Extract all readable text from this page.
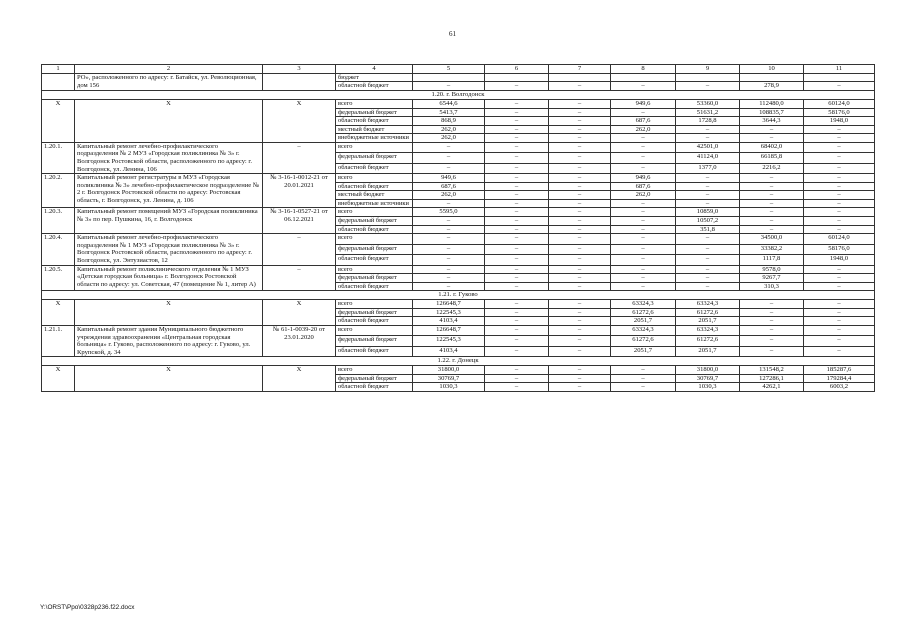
61
1	2	3	4	5	6	7	8	9	10	11
	РО», расположенного по адресу: г. Батайск, ул. Революционная, дом 156		бюджет							
			областной бюджет	–	–	–	–	–	278,9	–
1.20. г. Волгодонск										
Х	Х	Х	всего	6544,6	–	–	949,6	53360,0	112480,0	60124,0
			федеральный бюджет	5413,7	–	–	–	51631,2	108835,7	58176,0
			областной бюджет	868,9	–	–	687,6	1728,8	3644,3	1948,0
			местный бюджет	262,0	–	–	262,0	–	–	–
			внебюджетные источники	262,0	–	–	–	–	–	–
1.20.1.	Капитальный ремонт лечебно-профилактического подразделения № 2 МУЗ «Городская поликлиника № 3» г. Волгодонск Ростовской области, расположенного по адресу: г. Волгодонск, ул. Ленина, 106	–	всего	–	–	–	–	42501,0	68402,0	–
			федеральный бюджет	–	–	–	–	41124,0	66185,8	–
			областной бюджет	–	–	–	–	1377,0	2216,2	–
1.20.2.	Капитальный ремонт регистратуры в МУЗ «Городская поликлиника № 3» лечебно-профилактическое подразделение № 2 г. Волгодонск Ростовской области по адресу: Ростовская область, г. Волгодонск, ул. Ленина, д. 106	№ 3-16-1-0012-21 от 20.01.2021	всего	949,6	–	–	949,6	–	–	–
			областной бюджет	687,6	–	–	687,6	–	–	–
			местный бюджет	262,0	–	–	262,0	–	–	–
			внебюджетные источники	–	–	–	–	–	–	–
1.20.3.	Капитальный ремонт помещений МУЗ «Городская поликлиника № 3» по пер. Пушкина, 16, г. Волгодонск	№ 3-16-1-0527-21 от 06.12.2021	всего	5595,0	–	–	–	10859,0	–	–
			федеральный бюджет	–	–	–	–	10507,2	–	–
			областной бюджет	–	–	–	–	351,8	–	–
1.20.4.	Капитальный ремонт лечебно-профилактического подразделения № 1 МУЗ «Городская поликлиника № 3» г. Волгодонск Ростовской области, расположенного по адресу: г. Волгодонск, ул. Энтузиастов, 12	–	всего	–	–	–	–	–	34500,0	60124,0
			федеральный бюджет	–	–	–	–	–	33382,2	58176,0
			областной бюджет	–	–	–	–	–	1117,8	1948,0
1.20.5.	Капитальный ремонт поликлинического отделения № 1 МУЗ «Детская городская больница» г. Волгодонск Ростовской области по адресу: ул. Советская, 47 (помещение № 1, литер А)	–	всего	–	–	–	–	–	9578,0	–
			федеральный бюджет	–	–	–	–	–	9267,7	–
			областной бюджет	–	–	–	–	–	310,3	–
1.21. г. Гуково										
Х	Х	Х	всего	126648,7	–	–	63324,3	63324,3	–	–
			федеральный бюджет	122545,3	–	–	61272,6	61272,6	–	–
			областной бюджет	4103,4	–	–	2051,7	2051,7	–	–
1.21.1.	Капитальный ремонт здания Муниципального бюджетного учреждения здравоохранения «Центральная городская больница» г. Гуково, расположенного по адресу: г. Гуково, ул. Крупской, д. 34	№ 61-1-0039-20 от 23.01.2020	всего	126648,7	–	–	63324,3	63324,3	–	–
			федеральный бюджет	122545,3	–	–	61272,6	61272,6	–	–
			областной бюджет	4103,4	–	–	2051,7	2051,7	–	–
1.22. г. Донецк										
Х	Х	Х	всего	31800,0	–	–	–	31800,0	131548,2	185287,6
			федеральный бюджет	30769,7	–	–	–	30769,7	127286,1	179284,4
			областной бюджет	1030,3	–	–	–	1030,3	4262,1	6003,2
Y:\ORST\Ppo\0328p236.f22.docx
